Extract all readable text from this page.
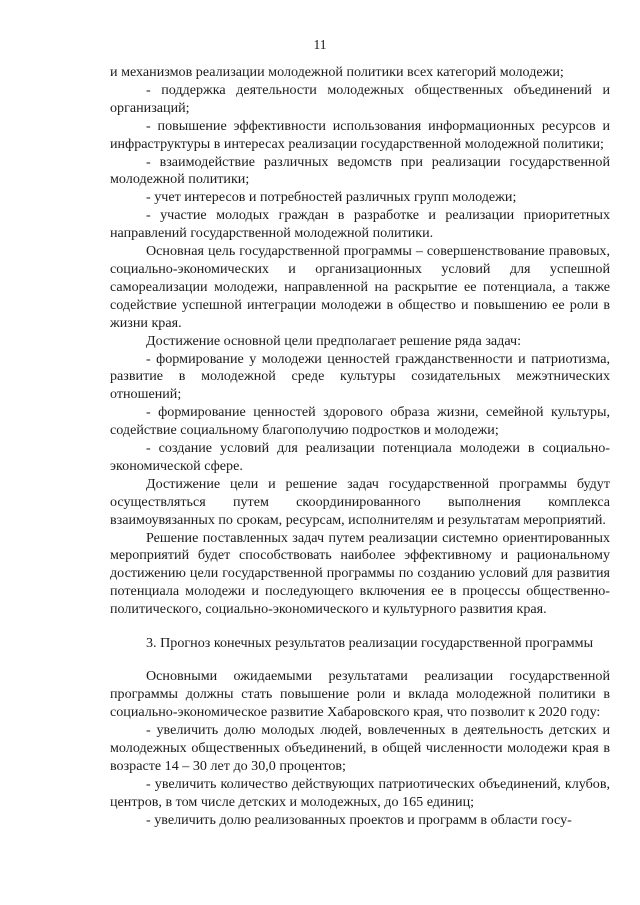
11

и механизмов реализации молодежной политики всех категорий молодежи;

- поддержка деятельности молодежных общественных объединений и организаций;

- повышение эффективности использования информационных ресурсов и инфраструктуры в интересах реализации государственной молодежной политики;

- взаимодействие различных ведомств при реализации государственной молодежной политики;

- учет интересов и потребностей различных групп молодежи;

- участие молодых граждан в разработке и реализации приоритетных направлений государственной молодежной политики.

Основная цель государственной программы – совершенствование правовых, социально-экономических и организационных условий для успешной самореализации молодежи, направленной на раскрытие ее потенциала, а также содействие успешной интеграции молодежи в общество и повышению ее роли в жизни края.

Достижение основной цели предполагает решение ряда задач:

- формирование у молодежи ценностей гражданственности и патриотизма, развитие в молодежной среде культуры созидательных межэтнических отношений;

- формирование ценностей здорового образа жизни, семейной культуры, содействие социальному благополучию подростков и молодежи;

- создание условий для реализации потенциала молодежи в социально-экономической сфере.

Достижение цели и решение задач государственной программы будут осуществляться путем скоординированного выполнения комплекса взаимоувязанных по срокам, ресурсам, исполнителям и результатам мероприятий.

Решение поставленных задач путем реализации системно ориентированных мероприятий будет способствовать наиболее эффективному и рациональному достижению цели государственной программы по созданию условий для развития потенциала молодежи и последующего включения ее в процессы общественно-политического, социально-экономического и культурного развития края.

3. Прогноз конечных результатов реализации государственной программы

Основными ожидаемыми результатами реализации государственной программы должны стать повышение роли и вклада молодежной политики в социально-экономическое развитие Хабаровского края, что позволит к 2020 году:

- увеличить долю молодых людей, вовлеченных в деятельность детских и молодежных общественных объединений, в общей численности молодежи края в возрасте 14 – 30 лет до 30,0 процентов;

- увеличить количество действующих патриотических объединений, клубов, центров, в том числе детских и молодежных, до 165 единиц;

- увеличить долю реализованных проектов и программ в области госу-
